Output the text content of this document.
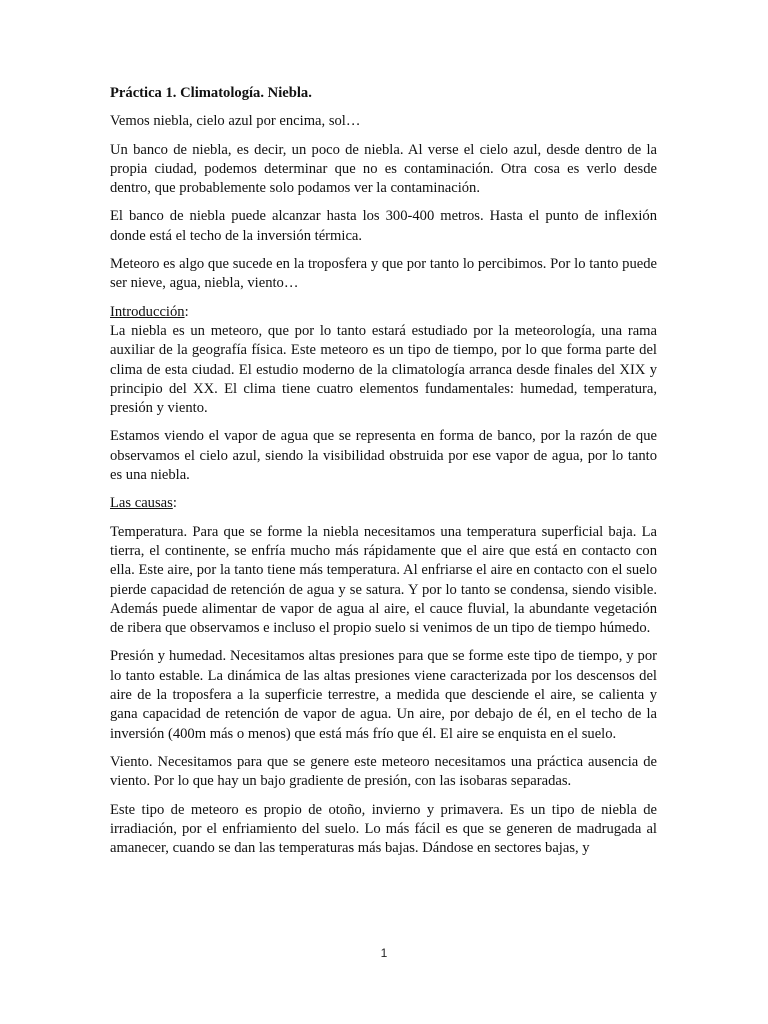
Práctica 1. Climatología. Niebla.

Vemos niebla, cielo azul por encima, sol…

Un banco de niebla, es decir, un poco de niebla. Al verse el cielo azul, desde dentro de la propia ciudad, podemos determinar que no es contaminación. Otra cosa es verlo desde dentro, que probablemente solo podamos ver la contaminación.

El banco de niebla puede alcanzar hasta los 300-400 metros. Hasta el punto de inflexión donde está el techo de la inversión térmica.

Meteoro es algo que sucede en la troposfera y que por tanto lo percibimos. Por lo tanto puede ser nieve, agua, niebla, viento…

Introducción:

La niebla es un meteoro, que por lo tanto estará estudiado por la meteorología, una rama auxiliar de la geografía física. Este meteoro es un tipo de tiempo, por lo que forma parte del clima de esta ciudad. El estudio moderno de la climatología arranca desde finales del XIX y principio del XX. El clima tiene cuatro elementos fundamentales: humedad, temperatura, presión y viento.

Estamos viendo el vapor de agua que se representa en forma de banco, por la razón de que observamos el cielo azul, siendo la visibilidad obstruida por ese vapor de agua, por lo tanto es una niebla.

Las causas:

Temperatura. Para que se forme la niebla necesitamos una temperatura superficial baja. La tierra, el continente, se enfría mucho más rápidamente que el aire que está en contacto con ella. Este aire, por la tanto tiene más temperatura. Al enfriarse el aire en contacto con el suelo pierde capacidad de retención de agua y se satura. Y por lo tanto se condensa, siendo visible. Además puede alimentar de vapor de agua al aire, el cauce fluvial, la abundante vegetación de ribera que observamos e incluso el propio suelo si venimos de un tipo de tiempo húmedo.

Presión y humedad. Necesitamos altas presiones para que se forme este tipo de tiempo, y por lo tanto estable. La dinámica de las altas presiones viene caracterizada por los descensos del aire de la troposfera a la superficie terrestre, a medida que desciende el aire, se calienta y gana capacidad de retención de vapor de agua. Un aire, por debajo de él, en el techo de la inversión (400m más o menos) que está más frío que él. El aire se enquista en el suelo.

Viento. Necesitamos para que se genere este meteoro necesitamos una práctica ausencia de viento. Por lo que hay un bajo gradiente de presión, con las isobaras separadas.

Este tipo de meteoro es propio de otoño, invierno y primavera. Es un tipo de niebla de irradiación, por el enfriamiento del suelo. Lo más fácil es que se generen de madrugada al amanecer, cuando se dan las temperaturas más bajas. Dándose en sectores bajas, y

1
